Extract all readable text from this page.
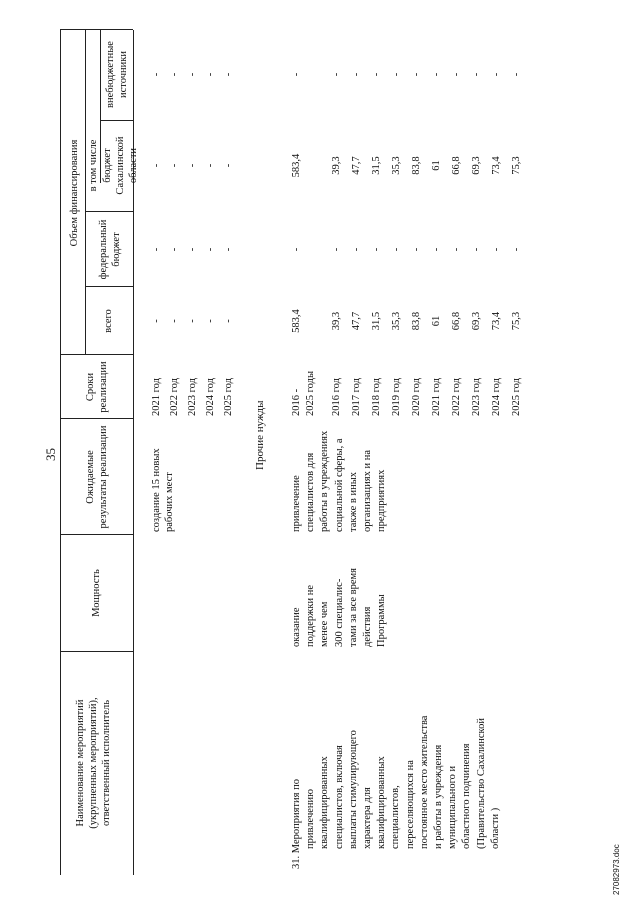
35
Наименование мероприятий (укрупненных мероприятий), ответственный исполнитель
Мощность
Ожидаемые результаты реализации
Сроки реализации
Объем финансирования
всего
федеральный бюджет
в том числе бюджет Сахалинской области
внебюджетные источники
создание 15 новых рабочих мест
2021 год
-
-
-
-
2022 год
-
-
-
-
2023 год
-
-
-
-
2024 год
-
-
-
-
2025 год
-
-
-
-
Прочие нужды
31. Мероприятия по привлечению квалифицированных специалистов, включая выплаты стимулирующего характера для квалифицированных специалистов, переселяющихся на постоянное место жительства и работы в учреждения муниципального и областного подчинения (Правительство Сахалинской области )
оказание поддержки не менее чем 300 специалис- тами за все время действия Программы
привлечение специалистов для работы в учреждениях социальной сферы, а также в иных организациях и на предприятиях
2016 - 2025 годы
583,4
-
583,4
-
2016 год
39,3
-
39,3
-
2017 год
47,7
-
47,7
-
2018 год
31,5
-
31,5
-
2019 год
35,3
-
35,3
-
2020 год
83,8
-
83,8
-
2021 год
61
-
61
-
2022 год
66,8
-
66,8
-
2023 год
69,3
-
69,3
-
2024 год
73,4
-
73,4
-
2025 год
75,3
-
75,3
-
27082973.doc
